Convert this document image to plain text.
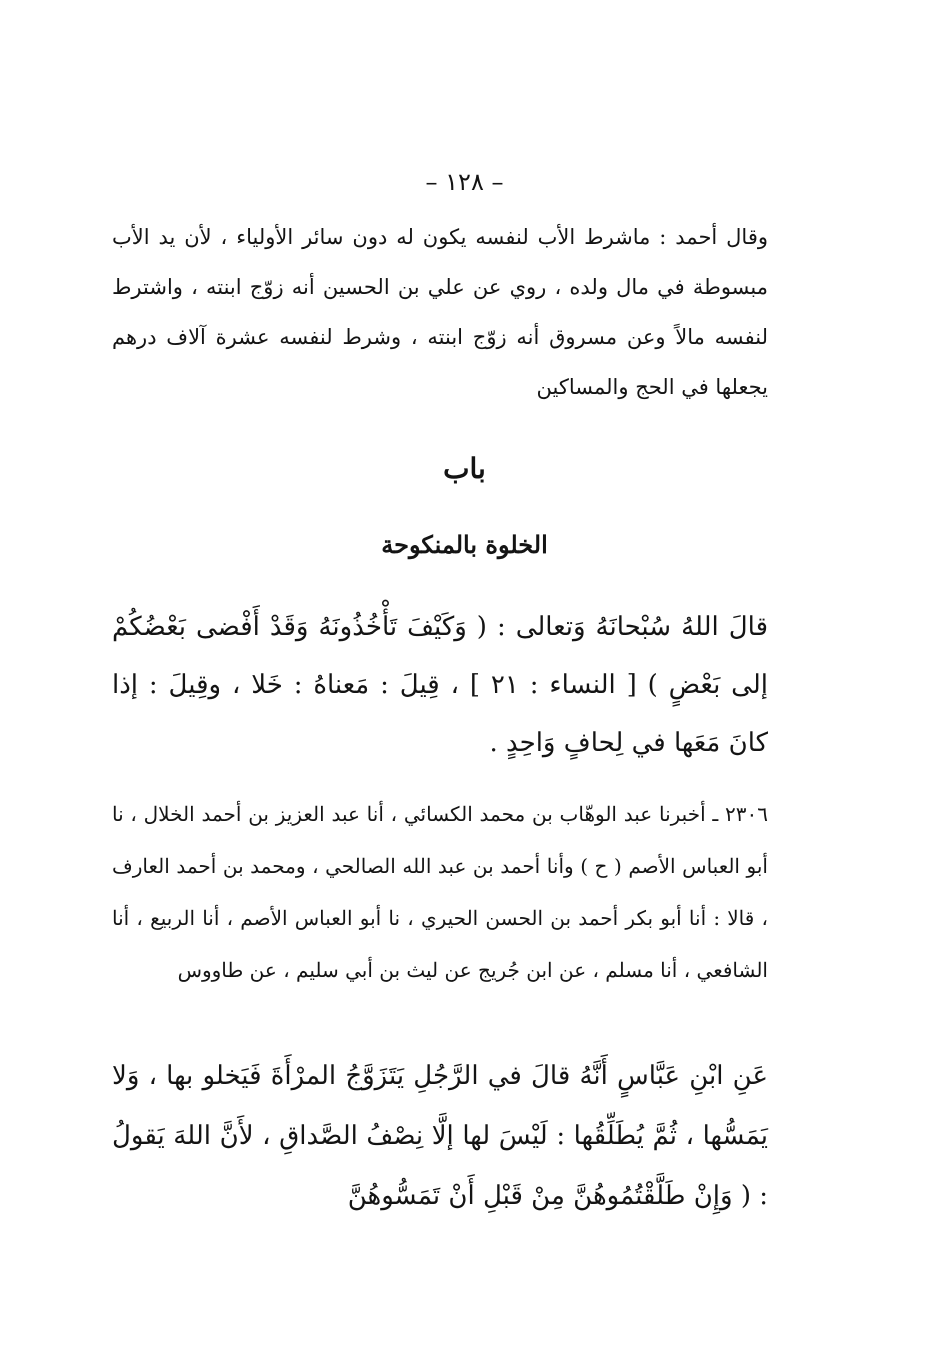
– ١٢٨ –

وقال أحمد : ماشرط الأب لنفسه يكون له دون سائر الأولياء ، لأن يد الأب مبسوطة في مال ولده ، روي عن علي بن الحسين أنه زوّج ابنته ، واشترط لنفسه مالاً وعن مسروق أنه زوّج ابنته ، وشرط لنفسه عشرة آلاف درهم يجعلها في الحج والمساكين

باب
الخلوة بالمنكوحة

قالَ اللهُ سُبْحانَهُ وَتعالى : ( وَكَيْفَ تَأْخُذُونَهُ وَقَدْ أَفْضى بَعْضُكُمْ إلى بَعْضٍ ) [ النساء : ٢١ ] ، قِيلَ : مَعناهُ : خَلا ، وقِيلَ : إذا كانَ مَعَها في لِحافٍ وَاحِدٍ .

٢٣٠٦ ـ أخبرنا عبد الوهّاب بن محمد الكسائي ، أنا عبد العزيز بن أحمد الخلال ، نا أبو العباس الأصم ( ح ) وأنا أحمد بن عبد الله الصالحي ، ومحمد بن أحمد العارف ، قالا : أنا أبو بكر أحمد بن الحسن الحيري ، نا أبو العباس الأصم ، أنا الربيع ، أنا الشافعي ، أنا مسلم ، عن ابن جُريج عن ليث بن أبي سليم ، عن طاووس

عَنِ ابْنِ عَبَّاسٍ أَنَّهُ قالَ في الرَّجُلِ يَتَزَوَّجُ المرْأَةَ فَيَخلو بها ، وَلا يَمَسُّها ، ثُمَّ يُطَلِّقُها : لَيْسَ لها إلَّا نِصْفُ الصَّداقِ ، لأَنَّ اللهَ يَقولُ : ( وَإِنْ طَلَّقْتُمُوهُنَّ مِنْ قَبْلِ أَنْ تَمَسُّوهُنَّ
